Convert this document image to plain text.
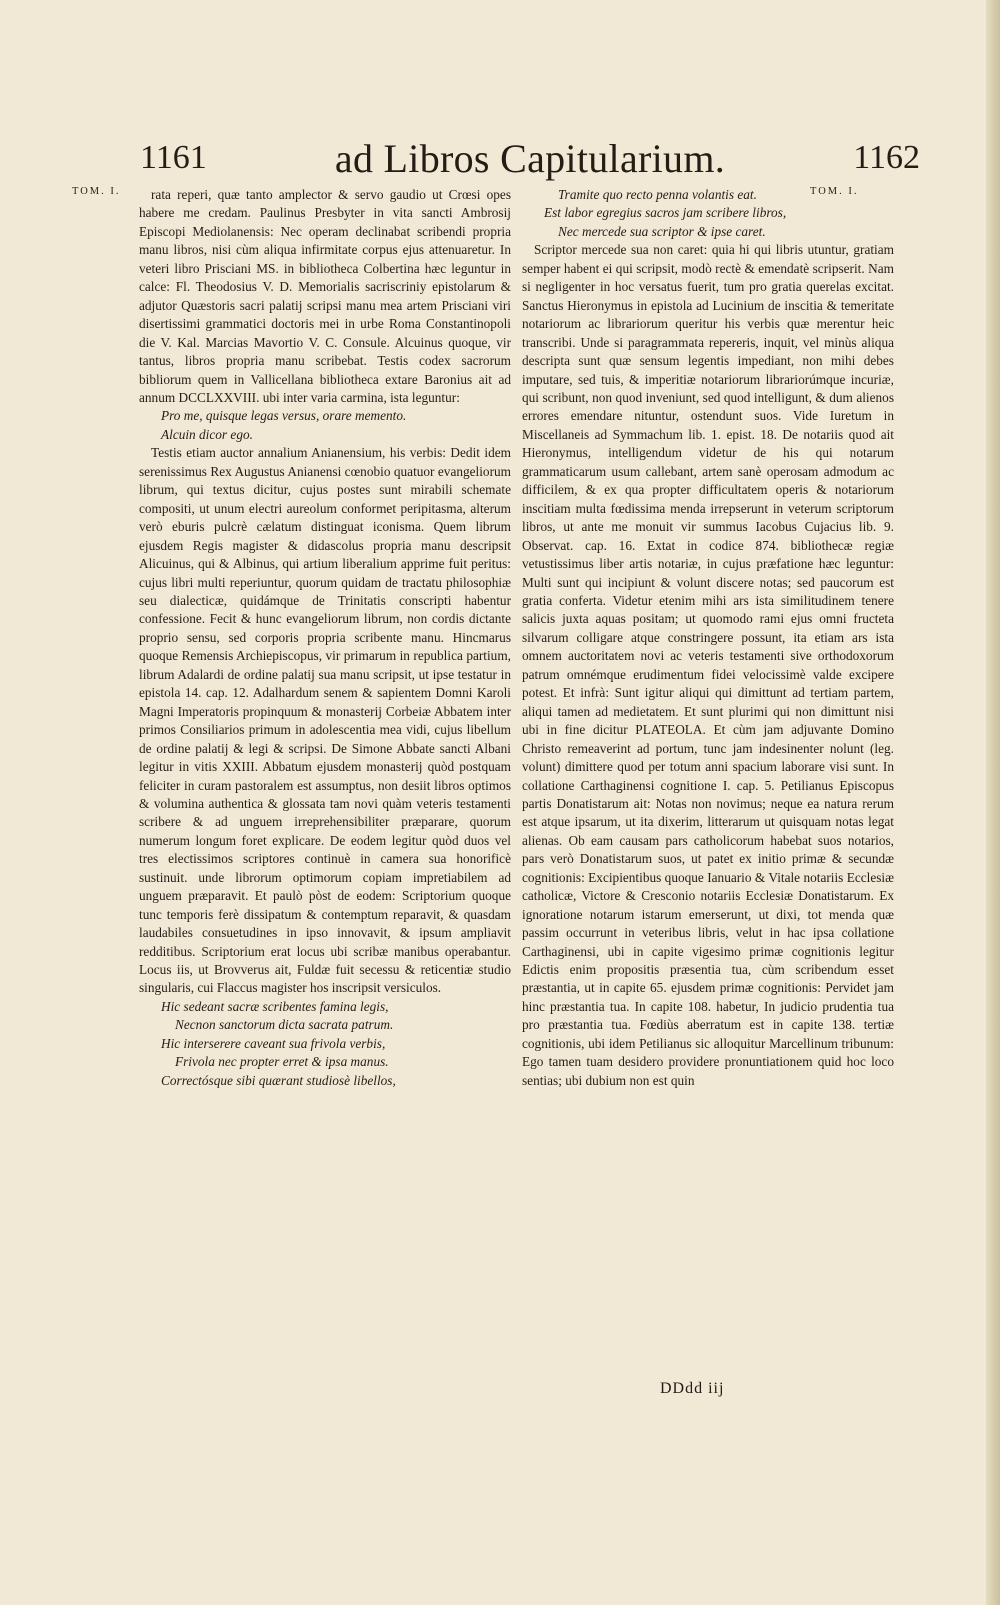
1161	ad Libros Capitularium.	1162
TOM. I.	TOM. I.

rata reperi, quæ tanto amplector & servo gaudio ut Crœsi opes habere me credam. Paulinus Presbyter in vita sancti Ambrosij Episcopi Mediolanensis: Nec operam declinabat scribendi propria manu libros, nisi cùm aliqua infirmitate corpus ejus attenuaretur. In veteri libro Prisciani MS. in bibliotheca Colbertina hæc leguntur in calce: Fl. Theodosius V. D. Memorialis sacriscriniy epistolarum & adjutor Quæstoris sacri palatij scripsi manu mea artem Prisciani viri disertissimi grammatici doctoris mei in urbe Roma Constantinopoli die V. Kal. Marcias Mavortio V. C. Consule. Alcuinus quoque, vir tantus, libros propria manu scribebat. Testis codex sacrorum bibliorum quem in Vallicellana bibliotheca extare Baronius ait ad annum DCCLXXVIII. ubi inter varia carmina, ista leguntur:

Pro me, quisque legas versus, orare memento.

Alcuin dicor ego.

Testis etiam auctor annalium Anianensium, his verbis: Dedit idem serenissimus Rex Augustus Anianensi cœnobio quatuor evangeliorum librum, qui textus dicitur, cujus postes sunt mirabili schemate compositi, ut unum electri aureolum conformet peripitasma, alterum verò eburis pulcrè cælatum distinguat iconisma. Quem librum ejusdem Regis magister & didascolus propria manu descripsit Alicuinus, qui & Albinus, qui artium liberalium apprime fuit peritus: cujus libri multi reperiuntur, quorum quidam de tractatu philosophiæ seu dialecticæ, quidámque de Trinitatis conscripti habentur confessione. Fecit & hunc evangeliorum librum, non cordis dictante proprio sensu, sed corporis propria scribente manu. Hincmarus quoque Remensis Archiepiscopus, vir primarum in republica partium, librum Adalardi de ordine palatij sua manu scripsit, ut ipse testatur in epistola 14. cap. 12. Adalhardum senem & sapientem Domni Karoli Magni Imperatoris propinquum & monasterij Corbeiæ Abbatem inter primos Consiliarios primum in adolescentia mea vidi, cujus libellum de ordine palatij & legi & scripsi. De Simone Abbate sancti Albani legitur in vitis XXIII. Abbatum ejusdem monasterij quòd postquam feliciter in curam pastoralem est assumptus, non desiit libros optimos & volumina authentica & glossata tam novi quàm veteris testamenti scribere & ad unguem irreprehensibiliter præparare, quorum numerum longum foret explicare. De eodem legitur quòd duos vel tres electissimos scriptores continuè in camera sua honorificè sustinuit. unde librorum optimorum copiam impretiabilem ad unguem præparavit. Et paulò pòst de eodem: Scriptorium quoque tunc temporis ferè dissipatum & contemptum reparavit, & quasdam laudabiles consuetudines in ipso innovavit, & ipsum ampliavit redditibus. Scriptorium erat locus ubi scribæ manibus operabantur. Locus iis, ut Brovverus ait, Fuldæ fuit secessu & reticentiæ studio singularis, cui Flaccus magister hos inscripsit versiculos.

Hic sedeant sacræ scribentes famina legis,

Necnon sanctorum dicta sacrata patrum.

Hic interserere caveant sua frivola verbis,

Frivola nec propter erret & ipsa manus.

Correctósque sibi quærant studiosè libellos,

Tramite quo recto penna volantis eat.

Est labor egregius sacros jam scribere libros,

Nec mercede sua scriptor & ipse caret.

Scriptor mercede sua non caret: quia hi qui libris utuntur, gratiam semper habent ei qui scripsit, modò rectè & emendatè scripserit. Nam si negligenter in hoc versatus fuerit, tum pro gratia querelas excitat. Sanctus Hieronymus in epistola ad Lucinium de inscitia & temeritate notariorum ac librariorum queritur his verbis quæ merentur heic transcribi. Unde si paragrammata repereris, inquit, vel minùs aliqua descripta sunt quæ sensum legentis impediant, non mihi debes imputare, sed tuis, & imperitiæ notariorum librariorúmque incuriæ, qui scribunt, non quod inveniunt, sed quod intelligunt, & dum alienos errores emendare nituntur, ostendunt suos. Vide Iuretum in Miscellaneis ad Symmachum lib. 1. epist. 18. De notariis quod ait Hieronymus, intelligendum videtur de his qui notarum grammaticarum usum callebant, artem sanè operosam admodum ac difficilem, & ex qua propter difficultatem operis & notariorum inscitiam multa fœdissima menda irrepserunt in veterum scriptorum libros, ut ante me monuit vir summus Iacobus Cujacius lib. 9. Observat. cap. 16. Extat in codice 874. bibliothecæ regiæ vetustissimus liber artis notariæ, in cujus præfatione hæc leguntur: Multi sunt qui incipiunt & volunt discere notas; sed paucorum est gratia conferta. Videtur etenim mihi ars ista similitudinem tenere salicis juxta aquas positam; ut quomodo rami ejus omni fructeta silvarum colligare atque constringere possunt, ita etiam ars ista omnem auctoritatem novi ac veteris testamenti sive orthodoxorum patrum omnémque erudimentum fidei velocissimè valde excipere potest. Et infrà: Sunt igitur aliqui qui dimittunt ad tertiam partem, aliqui tamen ad medietatem. Et sunt plurimi qui non dimittunt nisi ubi in fine dicitur PLATEOLA. Et cùm jam adjuvante Domino Christo remeaverint ad portum, tunc jam indesinenter nolunt (leg. volunt) dimittere quod per totum anni spacium laborare visi sunt. In collatione Carthaginensi cognitione I. cap. 5. Petilianus Episcopus partis Donatistarum ait: Notas non novimus; neque ea natura rerum est atque ipsarum, ut ita dixerim, litterarum ut quisquam notas legat alienas. Ob eam causam pars catholicorum habebat suos notarios, pars verò Donatistarum suos, ut patet ex initio primæ & secundæ cognitionis: Excipientibus quoque Ianuario & Vitale notariis Ecclesiæ catholicæ, Victore & Cresconio notariis Ecclesiæ Donatistarum. Ex ignoratione notarum istarum emerserunt, ut dixi, tot menda quæ passim occurrunt in veteribus libris, velut in hac ipsa collatione Carthaginensi, ubi in capite vigesimo primæ cognitionis legitur Edictis enim propositis præsentia tua, cùm scribendum esset præstantia, ut in capite 65. ejusdem primæ cognitionis: Pervidet jam hinc præstantia tua. In capite 108. habetur, In judicio prudentia tua pro præstantia tua. Fœdiùs aberratum est in capite 138. tertiæ cognitionis, ubi idem Petilianus sic alloquitur Marcellinum tribunum: Ego tamen tuam desidero providere pronuntiationem quid hoc loco sentias; ubi dubium non est quin

DDdd iij
